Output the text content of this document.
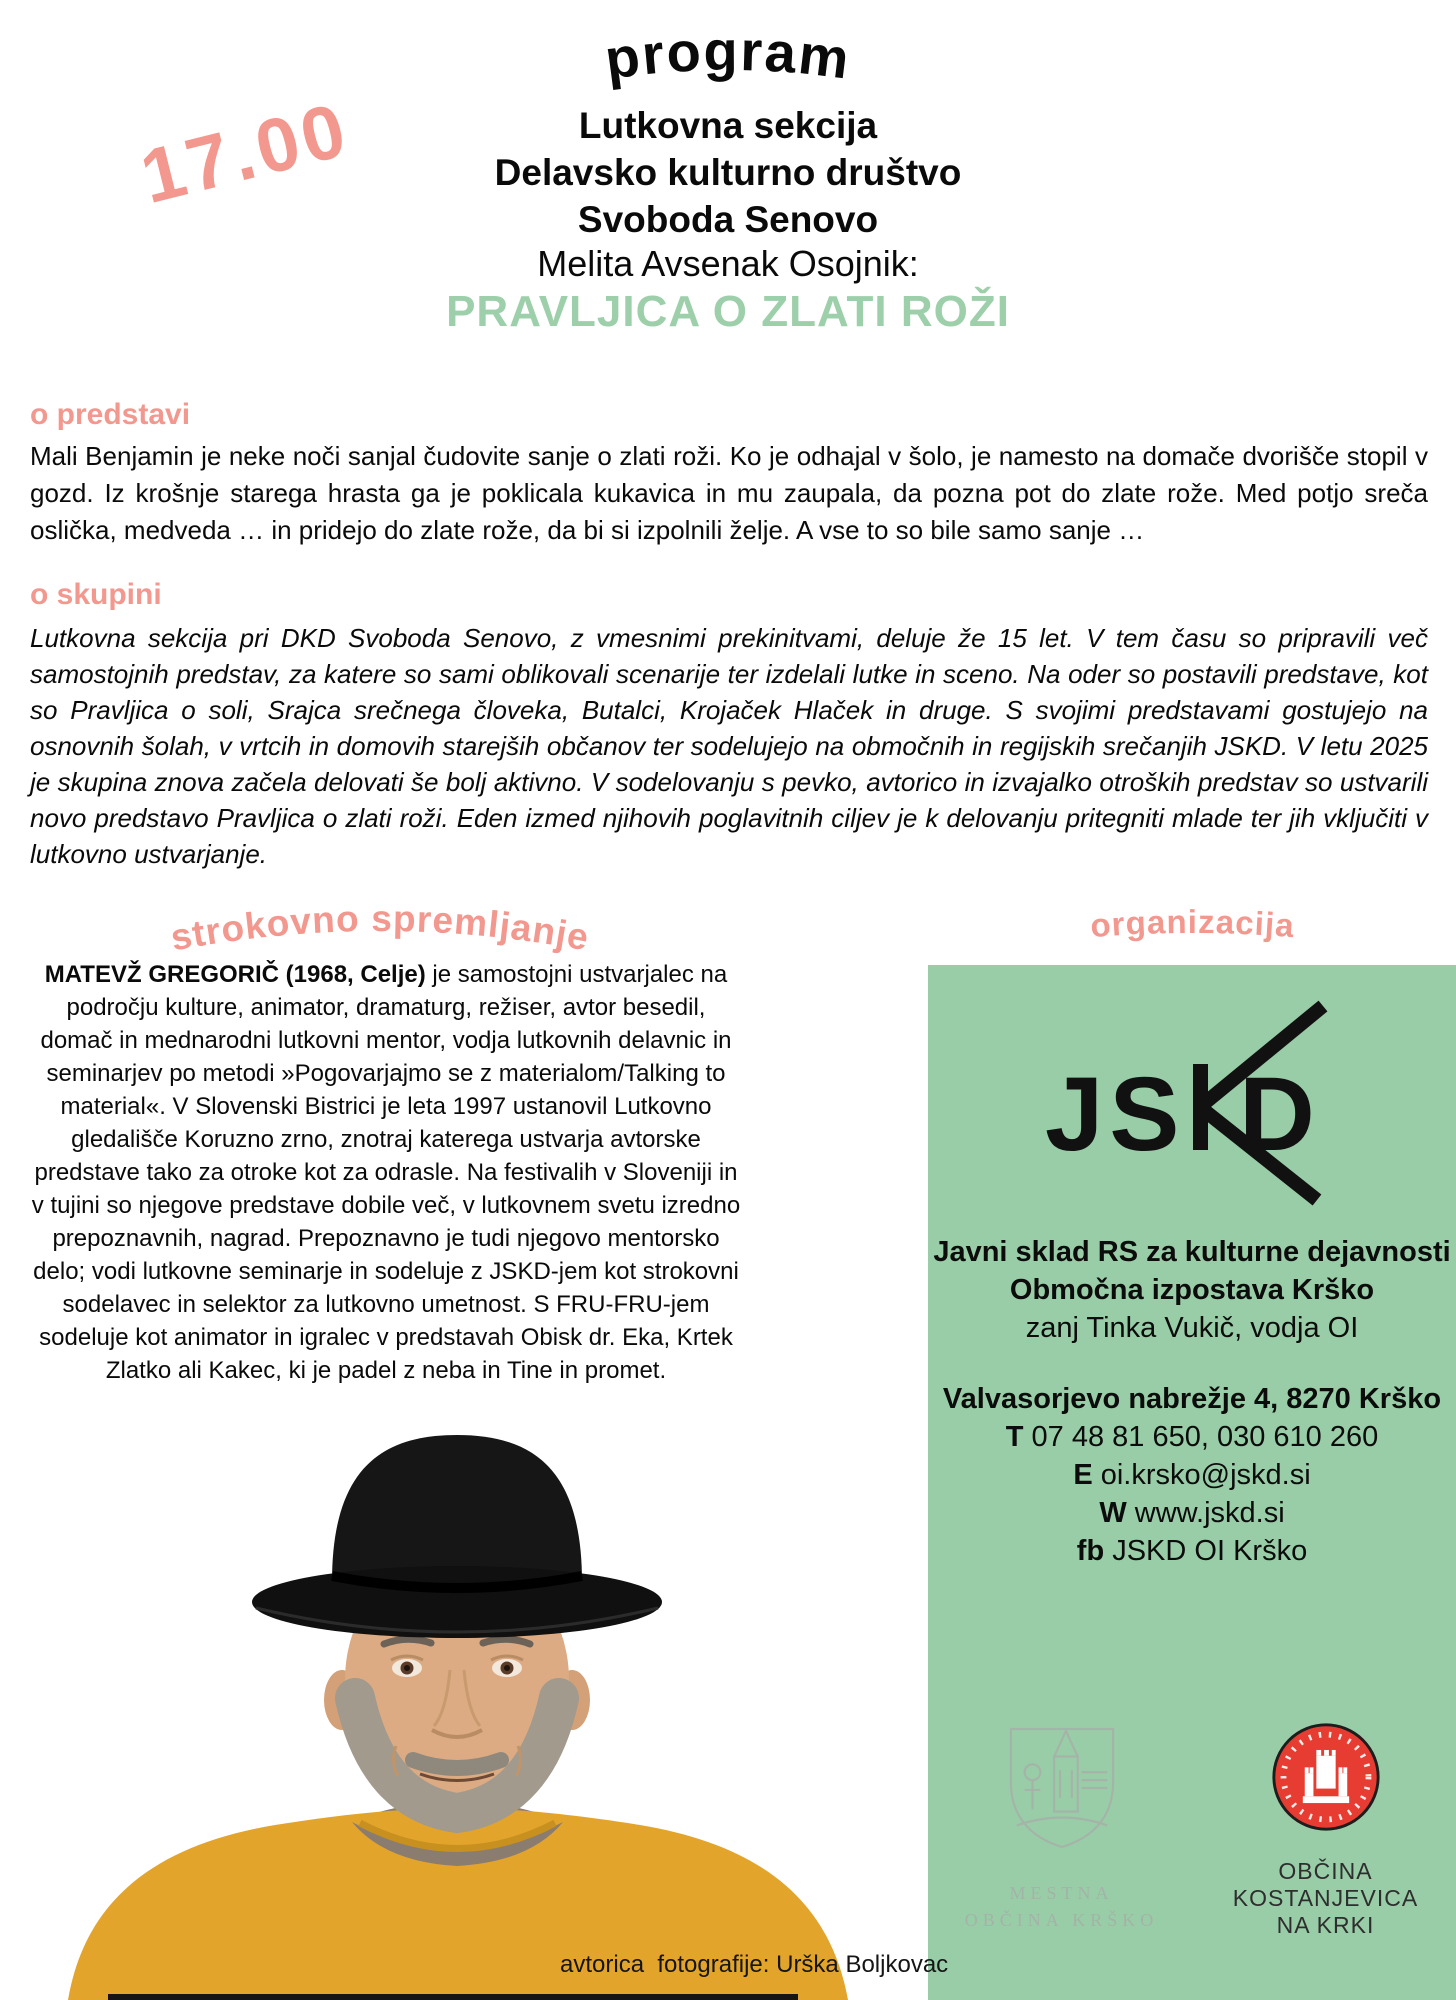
program
17.00	Lutkovna sekcija
Delavsko kulturno društvo
Svoboda Senovo
Melita Avsenak Osojnik:
PRAVLJICA O ZLATI ROŽI
o predstavi
Mali Benjamin je neke noči sanjal čudovite sanje o zlati roži. Ko je odhajal v šolo, je namesto na domače dvorišče stopil v gozd. Iz krošnje starega hrasta ga je poklicala kukavica in mu zaupala, da pozna pot do zlate rože. Med potjo sreča oslička, medveda … in pridejo do zlate rože, da bi si izpolnili želje. A vse to so bile samo sanje …
o skupini
Lutkovna sekcija pri DKD Svoboda Senovo, z vmesnimi prekinitvami, deluje že 15 let. V tem času so pripravili več samostojnih predstav, za katere so sami oblikovali scenarije ter izdelali lutke in sceno. Na oder so postavili predstave, kot so Pravljica o soli, Srajca srečnega človeka, Butalci, Krojaček Hlaček in druge. S svojimi predstavami gostujejo na osnovnih šolah, v vrtcih in domovih starejših občanov ter sodelujejo na območnih in regijskih srečanjih JSKD. V letu 2025 je skupina znova začela delovati še bolj aktivno. V sodelovanju s pevko, avtorico in izvajalko otroških predstav so ustvarili novo predstavo Pravljica o zlati roži. Eden izmed njihovih poglavitnih ciljev je k delovanju pritegniti mlade ter jih vključiti v lutkovno ustvarjanje.
strokovno spremljanje	organizacija
MATEVŽ GREGORIČ (1968, Celje) je samostojni ustvarjalec na področju kulture, animator, dramaturg, režiser, avtor besedil, domač in mednarodni lutkovni mentor, vodja lutkovnih delavnic in seminarjev po metodi »Pogovarjajmo se z materialom/Talking to material«. V Slovenski Bistrici je leta 1997 ustanovil Lutkovno gledališče Koruzno zrno, znotraj katerega ustvarja avtorske predstave tako za otroke kot za odrasle. Na festivalih v Sloveniji in v tujini so njegove predstave dobile več, v lutkovnem svetu izredno prepoznavnih, nagrad. Prepoznavno je tudi njegovo mentorsko delo; vodi lutkovne seminarje in sodeluje z JSKD-jem kot strokovni sodelavec in selektor za lutkovno umetnost. S FRU-FRU-jem sodeluje kot animator in igralec v predstavah Obisk dr. Eka, Krtek Zlatko ali Kakec, ki je padel z neba in Tine in promet.
JS D
Javni sklad RS za kulturne dejavnosti
Območna izpostava Krško
zanj Tinka Vukič, vodja OI
Valvasorjevo nabrežje 4, 8270 Krško
T 07 48 81 650, 030 610 260
E oi.krsko@jskd.si
W www.jskd.si
fb JSKD OI Krško
MESTNA
OBČINA KRŠKO
OBČINA
KOSTANJEVICA
NA KRKI
avtorica  fotografije: Urška Boljkovac
